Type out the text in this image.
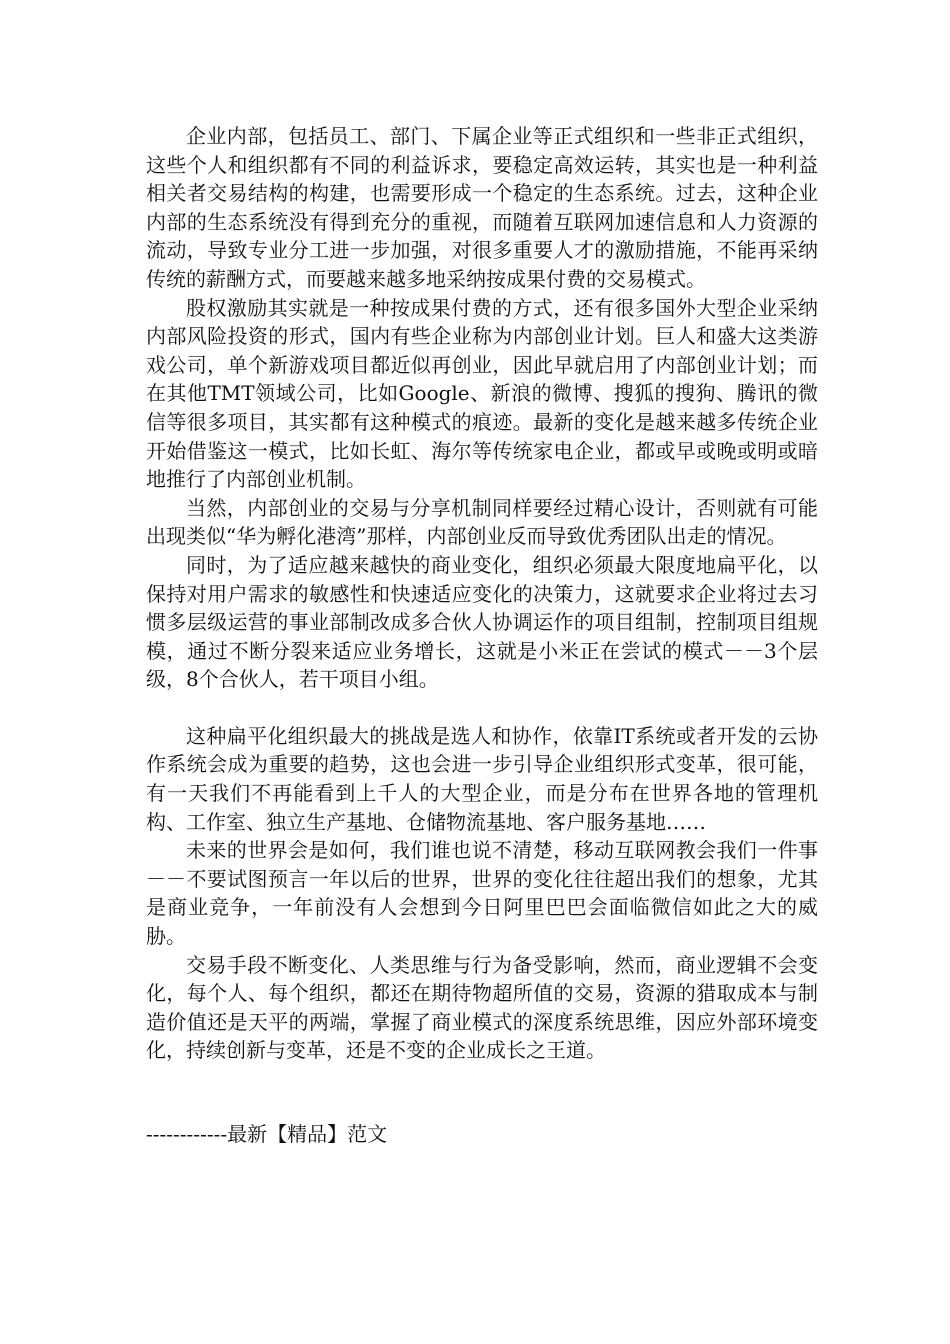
企业内部，包括员工、部门、下属企业等正式组织和一些非正式组织，这些个人和组织都有不同的利益诉求，要稳定高效运转，其实也是一种利益相关者交易结构的构建，也需要形成一个稳定的生态系统。过去，这种企业内部的生态系统没有得到充分的重视，而随着互联网加速信息和人力资源的流动，导致专业分工进一步加强，对很多重要人才的激励措施，不能再采纳传统的薪酬方式，而要越来越多地采纳按成果付费的交易模式。

股权激励其实就是一种按成果付费的方式，还有很多国外大型企业采纳内部风险投资的形式，国内有些企业称为内部创业计划。巨人和盛大这类游戏公司，单个新游戏项目都近似再创业，因此早就启用了内部创业计划；而在其他TMT领域公司，比如Google、新浪的微博、搜狐的搜狗、腾讯的微信等很多项目，其实都有这种模式的痕迹。最新的变化是越来越多传统企业开始借鉴这一模式，比如长虹、海尔等传统家电企业，都或早或晚或明或暗地推行了内部创业机制。

当然，内部创业的交易与分享机制同样要经过精心设计，否则就有可能出现类似“华为孵化港湾”那样，内部创业反而导致优秀团队出走的情况。

同时，为了适应越来越快的商业变化，组织必须最大限度地扁平化，以保持对用户需求的敏感性和快速适应变化的决策力，这就要求企业将过去习惯多层级运营的事业部制改成多合伙人协调运作的项目组制，控制项目组规模，通过不断分裂来适应业务增长，这就是小米正在尝试的模式－－3个层级，8个合伙人，若干项目小组。

这种扁平化组织最大的挑战是选人和协作，依靠IT系统或者开发的云协作系统会成为重要的趋势，这也会进一步引导企业组织形式变革，很可能，有一天我们不再能看到上千人的大型企业，而是分布在世界各地的管理机构、工作室、独立生产基地、仓储物流基地、客户服务基地……

未来的世界会是如何，我们谁也说不清楚，移动互联网教会我们一件事－－不要试图预言一年以后的世界，世界的变化往往超出我们的想象，尤其是商业竞争，一年前没有人会想到今日阿里巴巴会面临微信如此之大的威胁。

交易手段不断变化、人类思维与行为备受影响，然而，商业逻辑不会变化，每个人、每个组织，都还在期待物超所值的交易，资源的猎取成本与制造价值还是天平的两端，掌握了商业模式的深度系统思维，因应外部环境变化，持续创新与变革，还是不变的企业成长之王道。

------------最新【精品】范文
